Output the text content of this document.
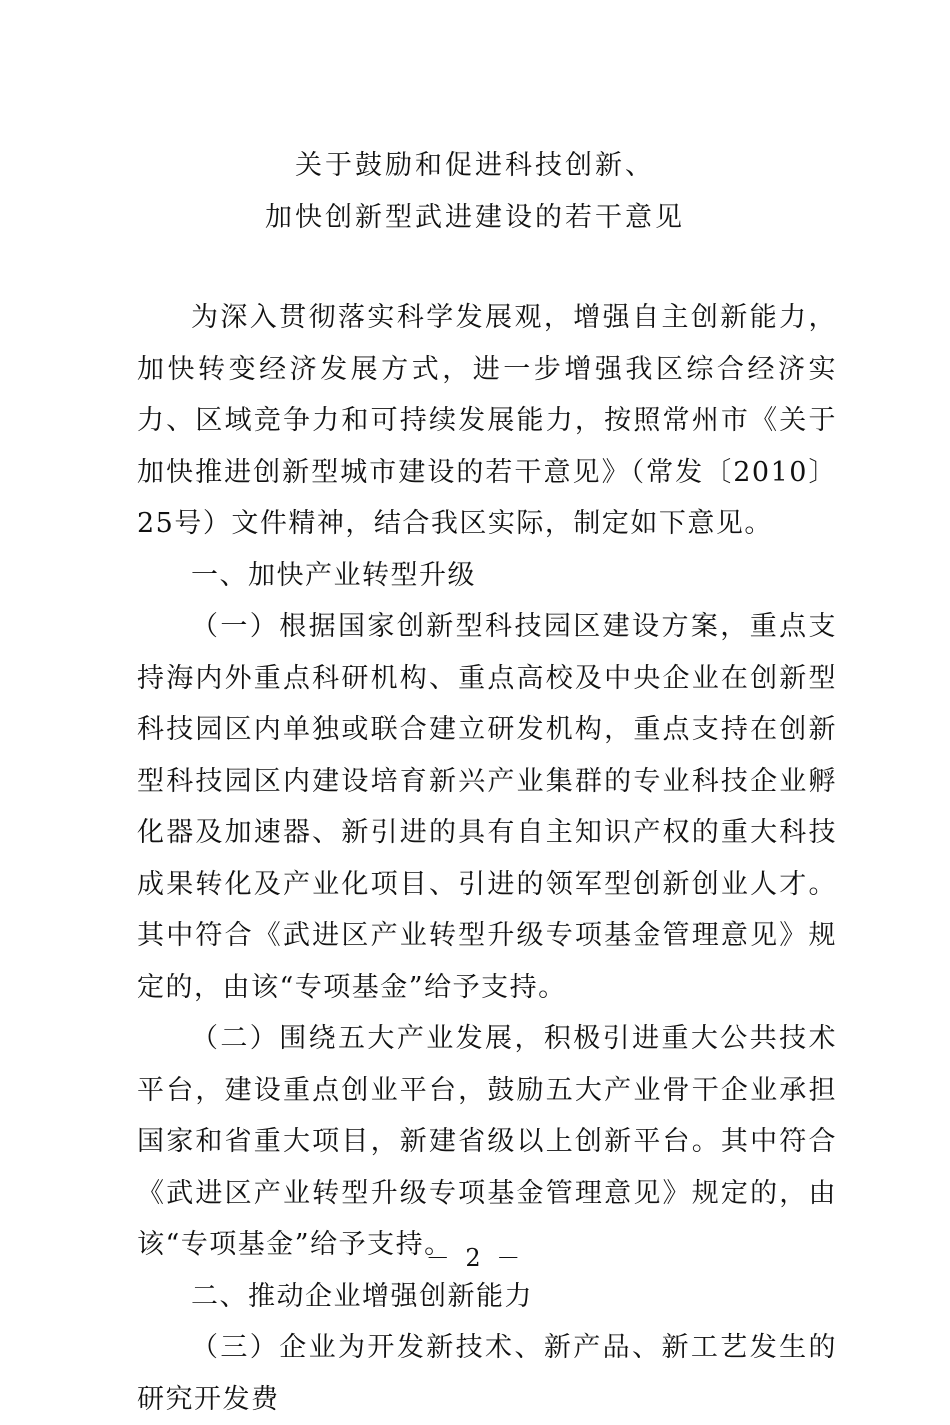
关于鼓励和促进科技创新、
加快创新型武进建设的若干意见

为深入贯彻落实科学发展观，增强自主创新能力，加快转变经济发展方式，进一步增强我区综合经济实力、区域竞争力和可持续发展能力，按照常州市《关于加快推进创新型城市建设的若干意见》（常发〔2010〕25号）文件精神，结合我区实际，制定如下意见。

一、加快产业转型升级

（一）根据国家创新型科技园区建设方案，重点支持海内外重点科研机构、重点高校及中央企业在创新型科技园区内单独或联合建立研发机构，重点支持在创新型科技园区内建设培育新兴产业集群的专业科技企业孵化器及加速器、新引进的具有自主知识产权的重大科技成果转化及产业化项目、引进的领军型创新创业人才。其中符合《武进区产业转型升级专项基金管理意见》规定的，由该“专项基金”给予支持。

（二）围绕五大产业发展，积极引进重大公共技术平台，建设重点创业平台，鼓励五大产业骨干企业承担国家和省重大项目，新建省级以上创新平台。其中符合《武进区产业转型升级专项基金管理意见》规定的，由该“专项基金”给予支持。

二、推动企业增强创新能力

（三）企业为开发新技术、新产品、新工艺发生的研究开发费

－ 2 －
